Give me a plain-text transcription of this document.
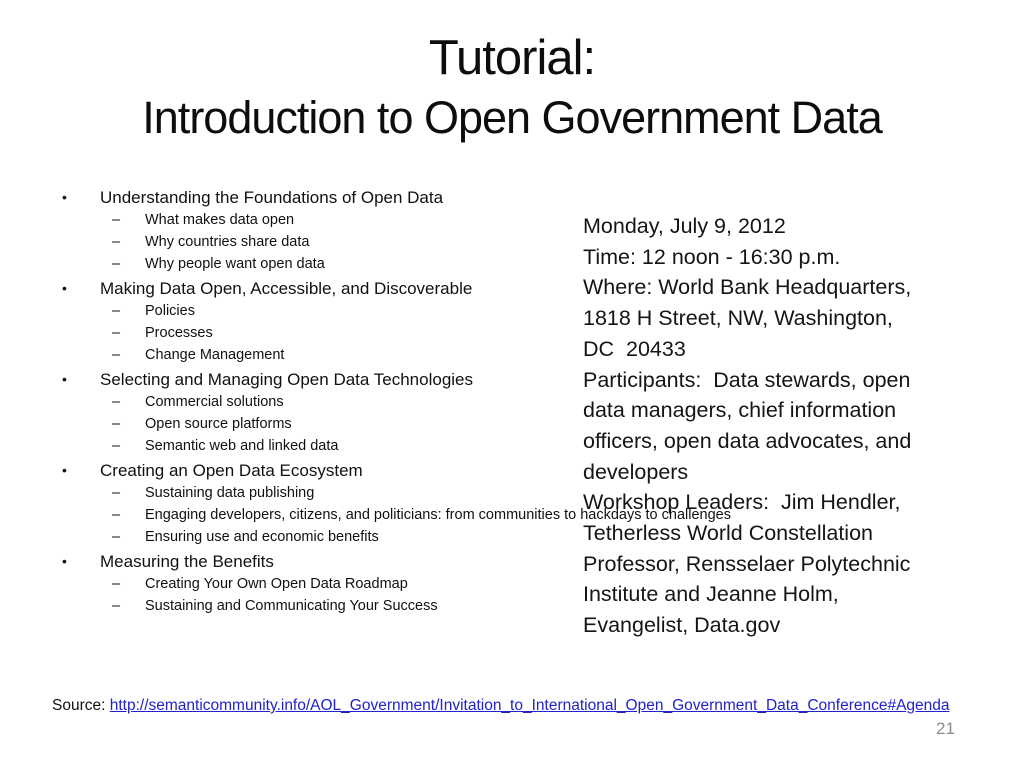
Tutorial:
Introduction to Open Government Data
• Understanding the Foundations of Open Data
– What makes data open
– Why countries share data
– Why people want open data
• Making Data Open, Accessible, and Discoverable
– Policies
– Processes
– Change Management
• Selecting and Managing Open Data Technologies
– Commercial solutions
– Open source platforms
– Semantic web and linked data
• Creating an Open Data Ecosystem
– Sustaining data publishing
– Engaging developers, citizens, and politicians: from communities to hackdays to challenges
– Ensuring use and economic benefits
• Measuring the Benefits
– Creating Your Own Open Data Roadmap
– Sustaining and Communicating Your Success
Monday, July 9, 2012
Time: 12 noon - 16:30 p.m.
Where: World Bank Headquarters,
1818 H Street, NW, Washington,
DC  20433
Participants:  Data stewards, open
data managers, chief information
officers, open data advocates, and
developers
Workshop Leaders:  Jim Hendler,
Tetherless World Constellation
Professor, Rensselaer Polytechnic
Institute and Jeanne Holm,
Evangelist, Data.gov
Source: http://semanticommunity.info/AOL_Government/Invitation_to_International_Open_Government_Data_Conference#Agenda
21
